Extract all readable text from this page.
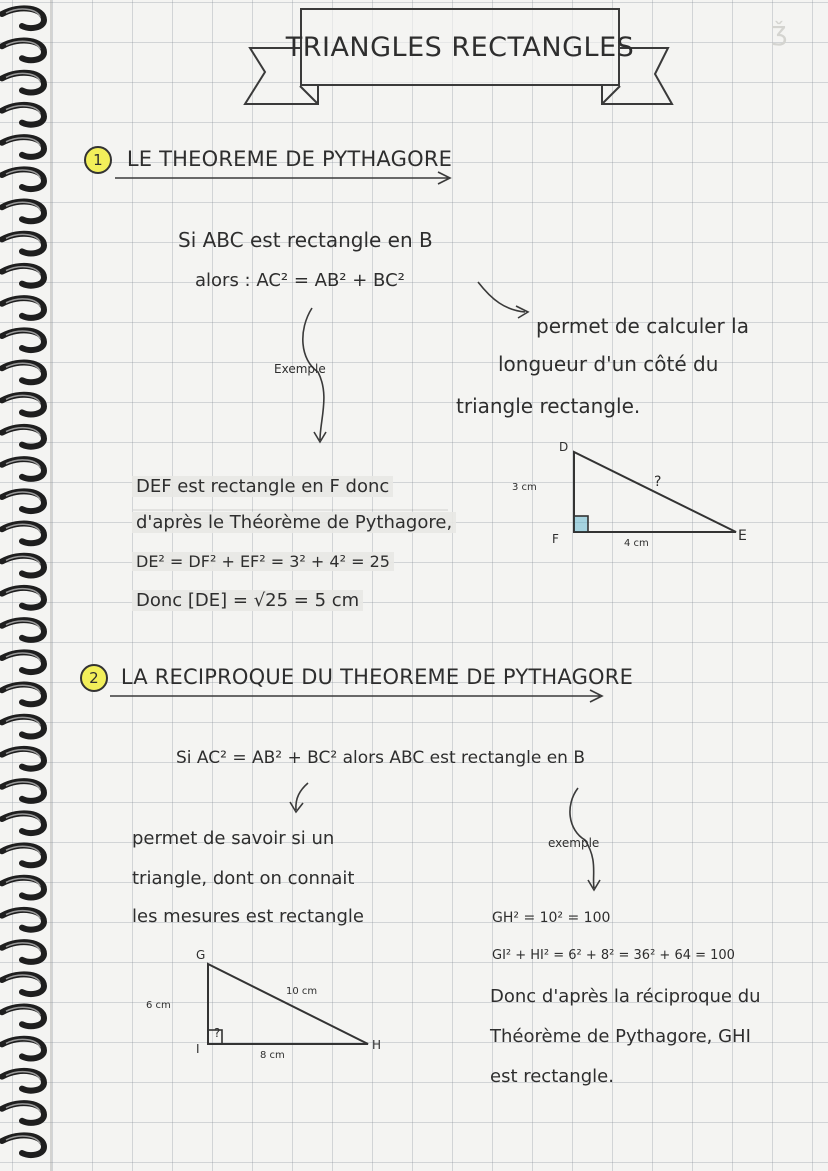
TRIANGLES RECTANGLES	Ǯ
1 LE THEOREME DE PYTHAGORE
Si ABC est rectangle en B
alors : AC² = AB² + BC²
permet de calculer la
longueur d'un côté du
triangle rectangle.
Exemple
DEF est rectangle en F donc
d'après le Théorème de Pythagore,
DE² = DF² + EF² = 3² + 4² = 25
Donc [DE] = √25 = 5 cm
D
F	E
3 cm
4 cm
?
2 LA RECIPROQUE DU THEOREME DE PYTHAGORE
Si AC² = AB² + BC² alors ABC est rectangle en B
permet de savoir si un
triangle, dont on connait
les mesures est rectangle
exemple
GH² = 10² = 100
GI² + HI² = 6² + 8² = 36² + 64 = 100
Donc d'après la réciproque du
Théorème de Pythagore, GHI
est rectangle.
G
I	H
6 cm
8 cm
10 cm
?
